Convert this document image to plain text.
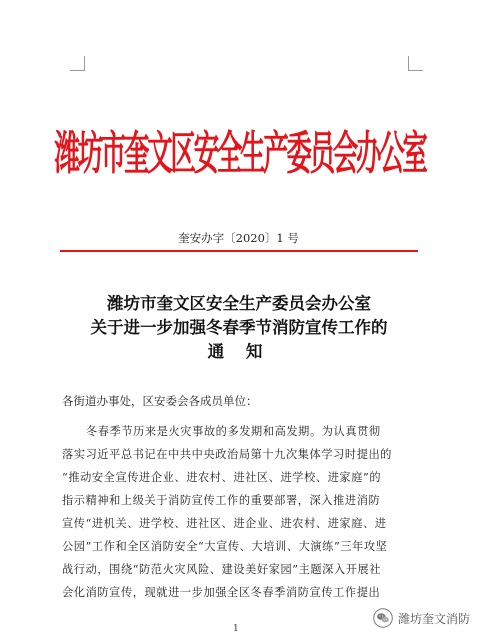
潍坊市奎文区安全生产委员会办公室
奎安办字〔2020〕1 号
潍坊市奎文区安全生产委员会办公室
关于进一步加强冬春季节消防宣传工作的
通 知
各街道办事处，区安委会各成员单位：
冬春季节历来是火灾事故的多发期和高发期。为认真贯彻
落实习近平总书记在中共中央政治局第十九次集体学习时提出的
“推动安全宣传进企业、进农村、进社区、进学校、进家庭”的
指示精神和上级关于消防宣传工作的重要部署，深入推进消防
宣传“进机关、进学校、进社区、进企业、进农村、进家庭、进
公园”工作和全区消防安全“大宣传、大培训、大演练”三年攻坚
战行动，围绕“防范火灾风险、建设美好家园”主题深入开展社
会化消防宣传，现就进一步加强全区冬春季消防宣传工作提出
1
潍坊奎文消防
